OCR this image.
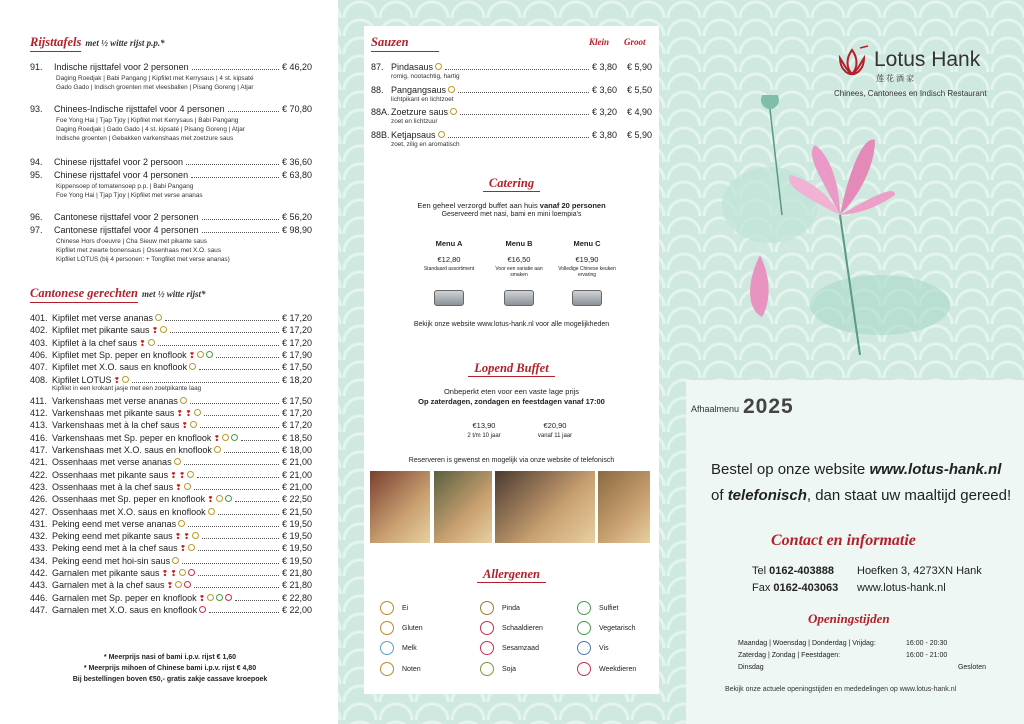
Rijsttafels met ½ witte rijst p.p.*
91.	Indische rijsttafel voor 2 personen	€ 46,20
Daging Roedjak | Babi Pangang | Kipfilet met Kerrysaus | 4 st. kipsaté
Gado Gado | Indisch groenten met vleesballen | Pisang Goreng | Atjar
93.	Chinees-Indische rijsttafel voor 4 personen	€ 70,80
Foe Yong Hai | Tjap Tjoy | Kipfilet met Kerrysaus | Babi Pangang
Daging Roedjak | Gado Gado | 4 st. kipsaté | Pisang Goreng | Atjar
Indische groenten | Gebakken varkenshaas met zoetzure saus
94.	Chinese rijsttafel voor 2 persoon	€ 36,60
95.	Chinese rijsttafel voor 4 personen	€ 63,80
Kippensoep of tomatensoep p.p. | Babi Pangang
Foe Yong Hai | Tjap Tjoy | Kipfilet met verse ananas
96.	Cantonese rijsttafel voor 2 personen	€ 56,20
97.	Cantonese rijsttafel voor 4 personen	€ 98,90
Chinese Hors d'oeuvre | Cha Sieuw met pikante saus
Kipfilet met zwarte bonensaus | Ossenhaas met X.O. saus
Kipfilet LOTUS (bij 4 personen: + Tongfilet met verse ananas)
Cantonese gerechten met ½ witte rijst*
401. Kipfilet met verse ananas	€ 17,20
402. Kipfilet met pikante saus ❢	€ 17,20
403. Kipfilet à la chef saus ❢	€ 17,20
406. Kipfilet met Sp. peper en knoflook ❢	€ 17,90
407. Kipfilet met X.O. saus en knoflook	€ 17,50
408. Kipfilet LOTUS ❢	€ 18,20
Kipfilet in een krokant jasje met een zoetpikante laag
411. Varkenshaas met verse ananas	€ 17,50
412. Varkenshaas met pikante saus ❢ ❢	€ 17,20
413. Varkenshaas met à la chef saus ❢	€ 17,20
416. Varkenshaas met Sp. peper en knoflook ❢	€ 18,50
417. Varkenshaas met X.O. saus en knoflook	€ 18,00
421. Ossenhaas met verse ananas	€ 21,00
422. Ossenhaas met pikante saus ❢ ❢	€ 21,00
423. Ossenhaas met à la chef saus ❢	€ 21,00
426. Ossenhaas met Sp. peper en knoflook ❢	€ 22,50
427. Ossenhaas met X.O. saus en knoflook	€ 21,50
431. Peking eend met verse ananas	€ 19,50
432. Peking eend met pikante saus ❢ ❢	€ 19,50
433. Peking eend met à la chef saus ❢	€ 19,50
434. Peking eend met hoi-sin saus	€ 19,50
442. Garnalen met pikante saus ❢ ❢	€ 21,80
443. Garnalen met à la chef saus ❢	€ 21,80
446. Garnalen met Sp. peper en knoflook ❢	€ 22,80
447. Garnalen met X.O. saus en knoflook	€ 22,00
* Meerprijs nasi of bami i.p.v. rijst € 1,60
* Meerprijs mihoen of Chinese bami i.p.v. rijst € 4,80
Bij bestellingen boven €50,- gratis zakje cassave kroepoek
Sauzen	Klein Groot
87. Pindasaus	€ 3,80 € 5,90
romig, nootachtig, hartig
88. Pangangsaus	€ 3,60 € 5,50
lichtpikant en lichtzoet
88A. Zoetzure saus	€ 3,20 € 4,90
zoet en lichtzuur
88B. Ketjapsaus	€ 3,80 € 5,90
zoet, zilig en aromatisch
Catering
Een geheel verzorgd buffet aan huis vanaf 20 personen
Geserveerd met nasi, bami en mini loempia's
Menu A
€12,80
Standaard assortiment
Menu B
€16,50
Voor een variatie aan smaken
Menu C
€19,90
Volledige Chinese keuken ervaring
Bekijk onze website www.lotus-hank.nl voor alle mogelijkheden
Lopend Buffet
Onbeperkt eten voor een vaste lage prijs
Op zaterdagen, zondagen en feestdagen vanaf 17:00
€13,90
2 t/m 10 jaar
€20,90
vanaf 11 jaar
Reserveren is gewenst en mogelijk via onze website of telefonisch
Allergenen
Ei	Pinda	Sulfiet
Gluten	Schaaldieren	Vegetarisch
Melk	Sesamzaad	Vis
Noten	Soja	Weekdieren
Lotus Hank
莲花酒家
Chinees, Cantonees en Indisch Restaurant
Afhaalmenu 2025
Bestel op onze website www.lotus-hank.nl
of telefonisch, dan staat uw maaltijd gereed!
Contact en informatie
Tel 0162-403888
Fax 0162-403063
Hoefken 3, 4273XN Hank
www.lotus-hank.nl
Openingstijden
Maandag | Woensdag | Donderdag | Vrijdag:	16:00 - 20:30
Zaterdag | Zondag | Feestdagen:	16:00 - 21:00
Dinsdag	Gesloten
Bekijk onze actuele openingstijden en mededelingen op www.lotus-hank.nl
